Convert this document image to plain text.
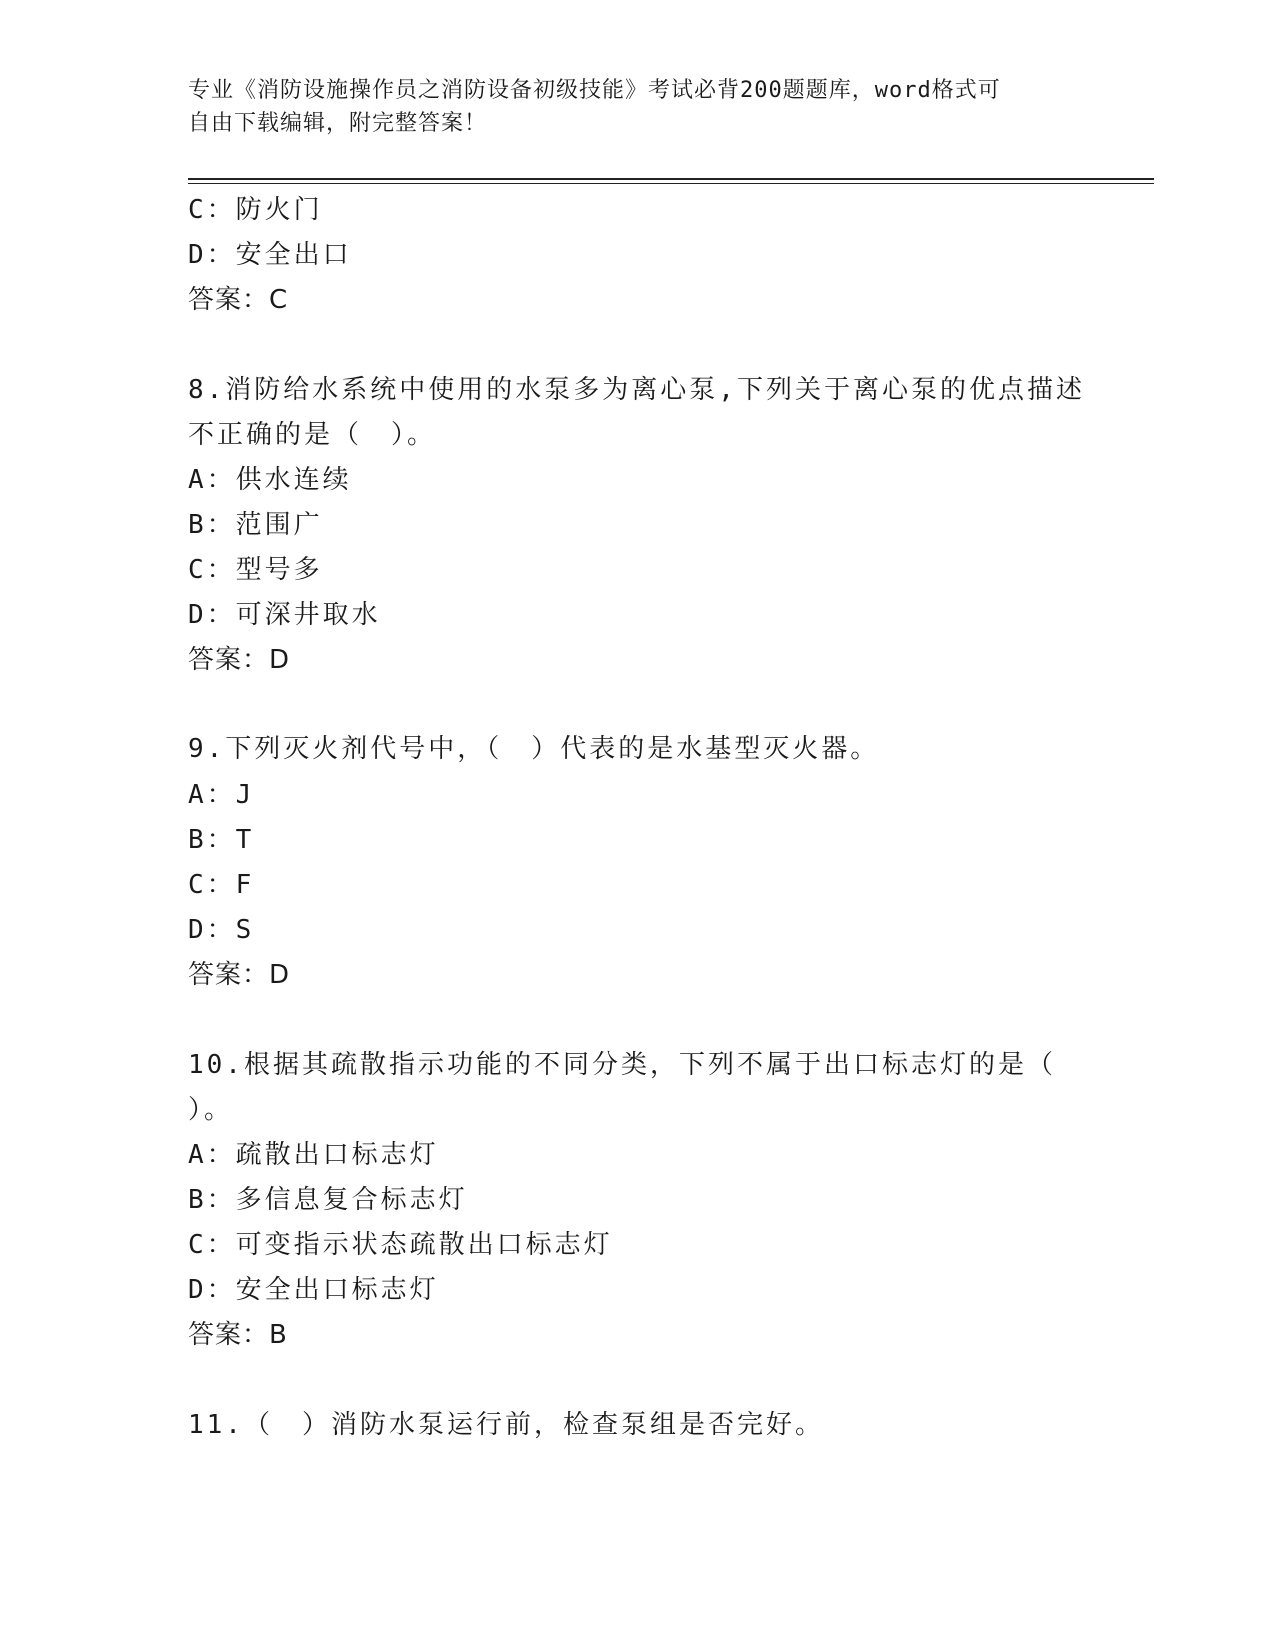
专业《消防设施操作员之消防设备初级技能》考试必背200题题库，word格式可
自由下载编辑，附完整答案！
C：防火门
D：安全出口
答案：C
8.消防给水系统中使用的水泵多为离心泵,下列关于离心泵的优点描述
不正确的是（　）。
A：供水连续
B：范围广
C：型号多
D：可深井取水
答案：D
9.下列灭火剂代号中，（　）代表的是水基型灭火器。
A：J
B：T
C：F
D：S
答案：D
10.根据其疏散指示功能的不同分类，下列不属于出口标志灯的是（
）。
A：疏散出口标志灯
B：多信息复合标志灯
C：可变指示状态疏散出口标志灯
D：安全出口标志灯
答案：B
11.（　）消防水泵运行前，检查泵组是否完好。
